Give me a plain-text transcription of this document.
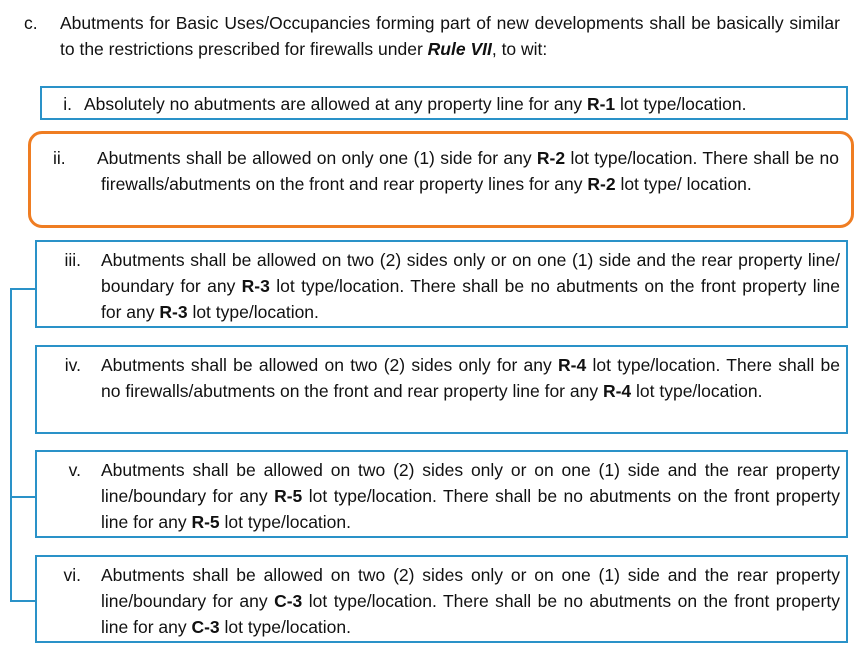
c.	Abutments for Basic Uses/Occupancies forming part of new developments shall be basically similar to the restrictions prescribed for firewalls under Rule VII, to wit:
i. Absolutely no abutments are allowed at any property line for any R-1 lot type/location.
ii.	Abutments shall be allowed on only one (1) side for any R-2 lot type/location. There shall be no firewalls/abutments on the front and rear property lines for any R-2 lot type/ location.
iii. Abutments shall be allowed on two (2) sides only or on one (1) side and the rear property line/ boundary for any R-3 lot type/location. There shall be no abutments on the front property line for any R-3 lot type/location.
iv. Abutments shall be allowed on two (2) sides only for any R-4 lot type/location. There shall be no firewalls/abutments on the front and rear property line for any R-4 lot type/location.
v. Abutments shall be allowed on two (2) sides only or on one (1) side and the rear property line/boundary for any R-5 lot type/location. There shall be no abutments on the front property line for any R-5 lot type/location.
vi. Abutments shall be allowed on two (2) sides only or on one (1) side and the rear property line/boundary for any C-3 lot type/location. There shall be no abutments on the front property line for any C-3 lot type/location.
